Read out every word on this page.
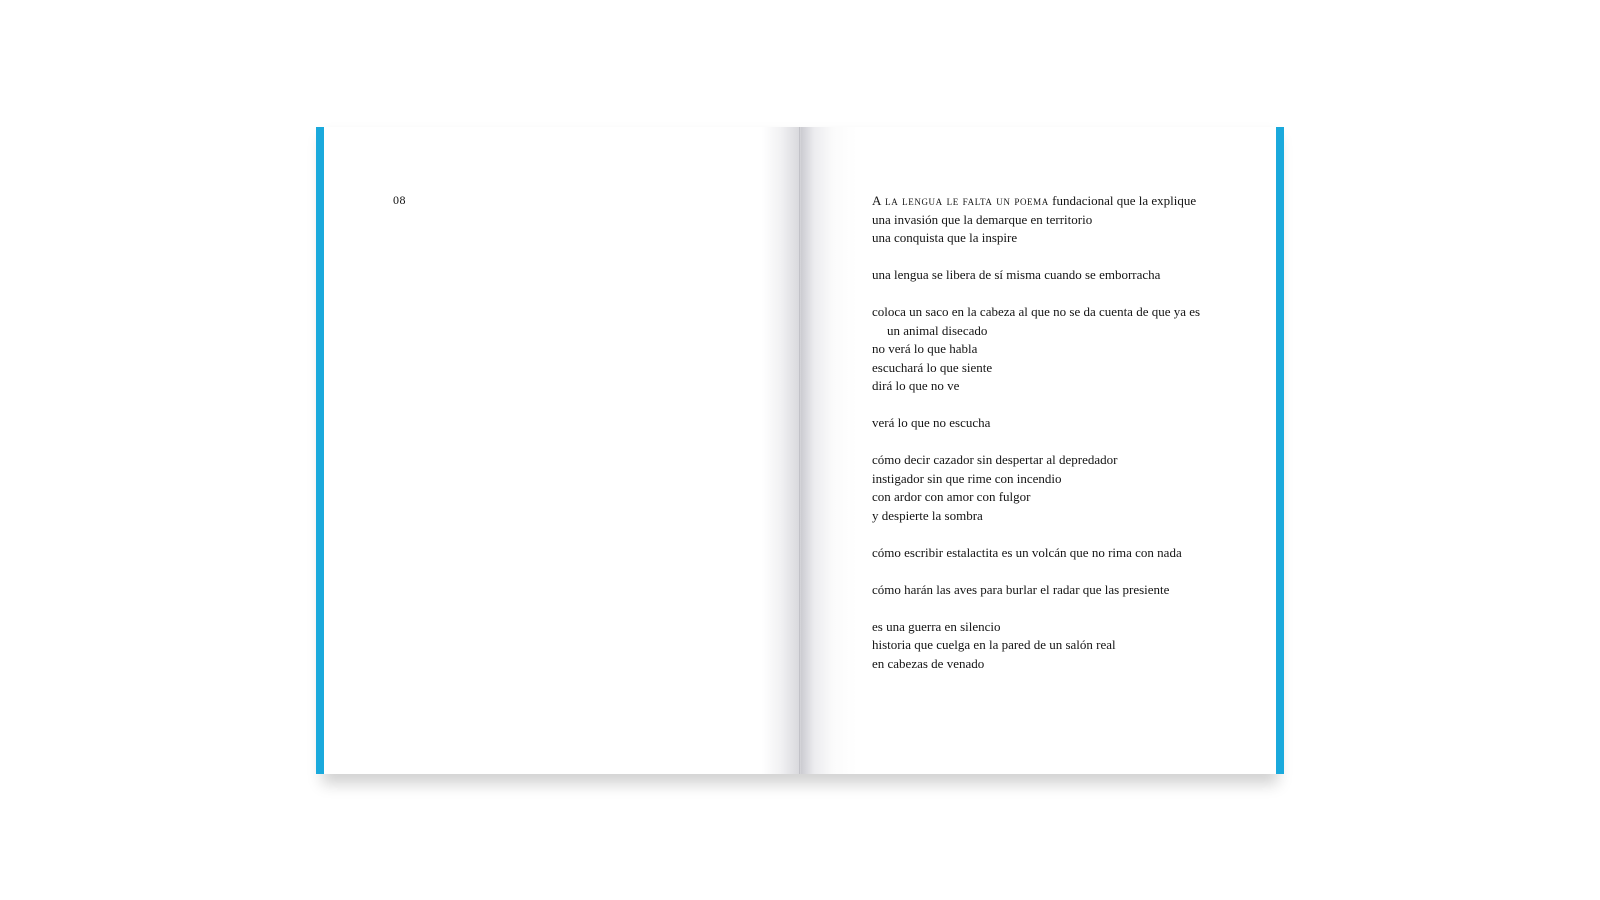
08	A la lengua le falta un poema fundacional que la explique
una invasión que la demarque en territorio
una conquista que la inspire
una lengua se libera de sí misma cuando se emborracha
coloca un saco en la cabeza al que no se da cuenta de que ya es
un animal disecado
no verá lo que habla
escuchará lo que siente
dirá lo que no ve
verá lo que no escucha
cómo decir cazador sin despertar al depredador
instigador sin que rime con incendio
con ardor con amor con fulgor
y despierte la sombra
cómo escribir estalactita es un volcán que no rima con nada
cómo harán las aves para burlar el radar que las presiente
es una guerra en silencio
historia que cuelga en la pared de un salón real
en cabezas de venado
